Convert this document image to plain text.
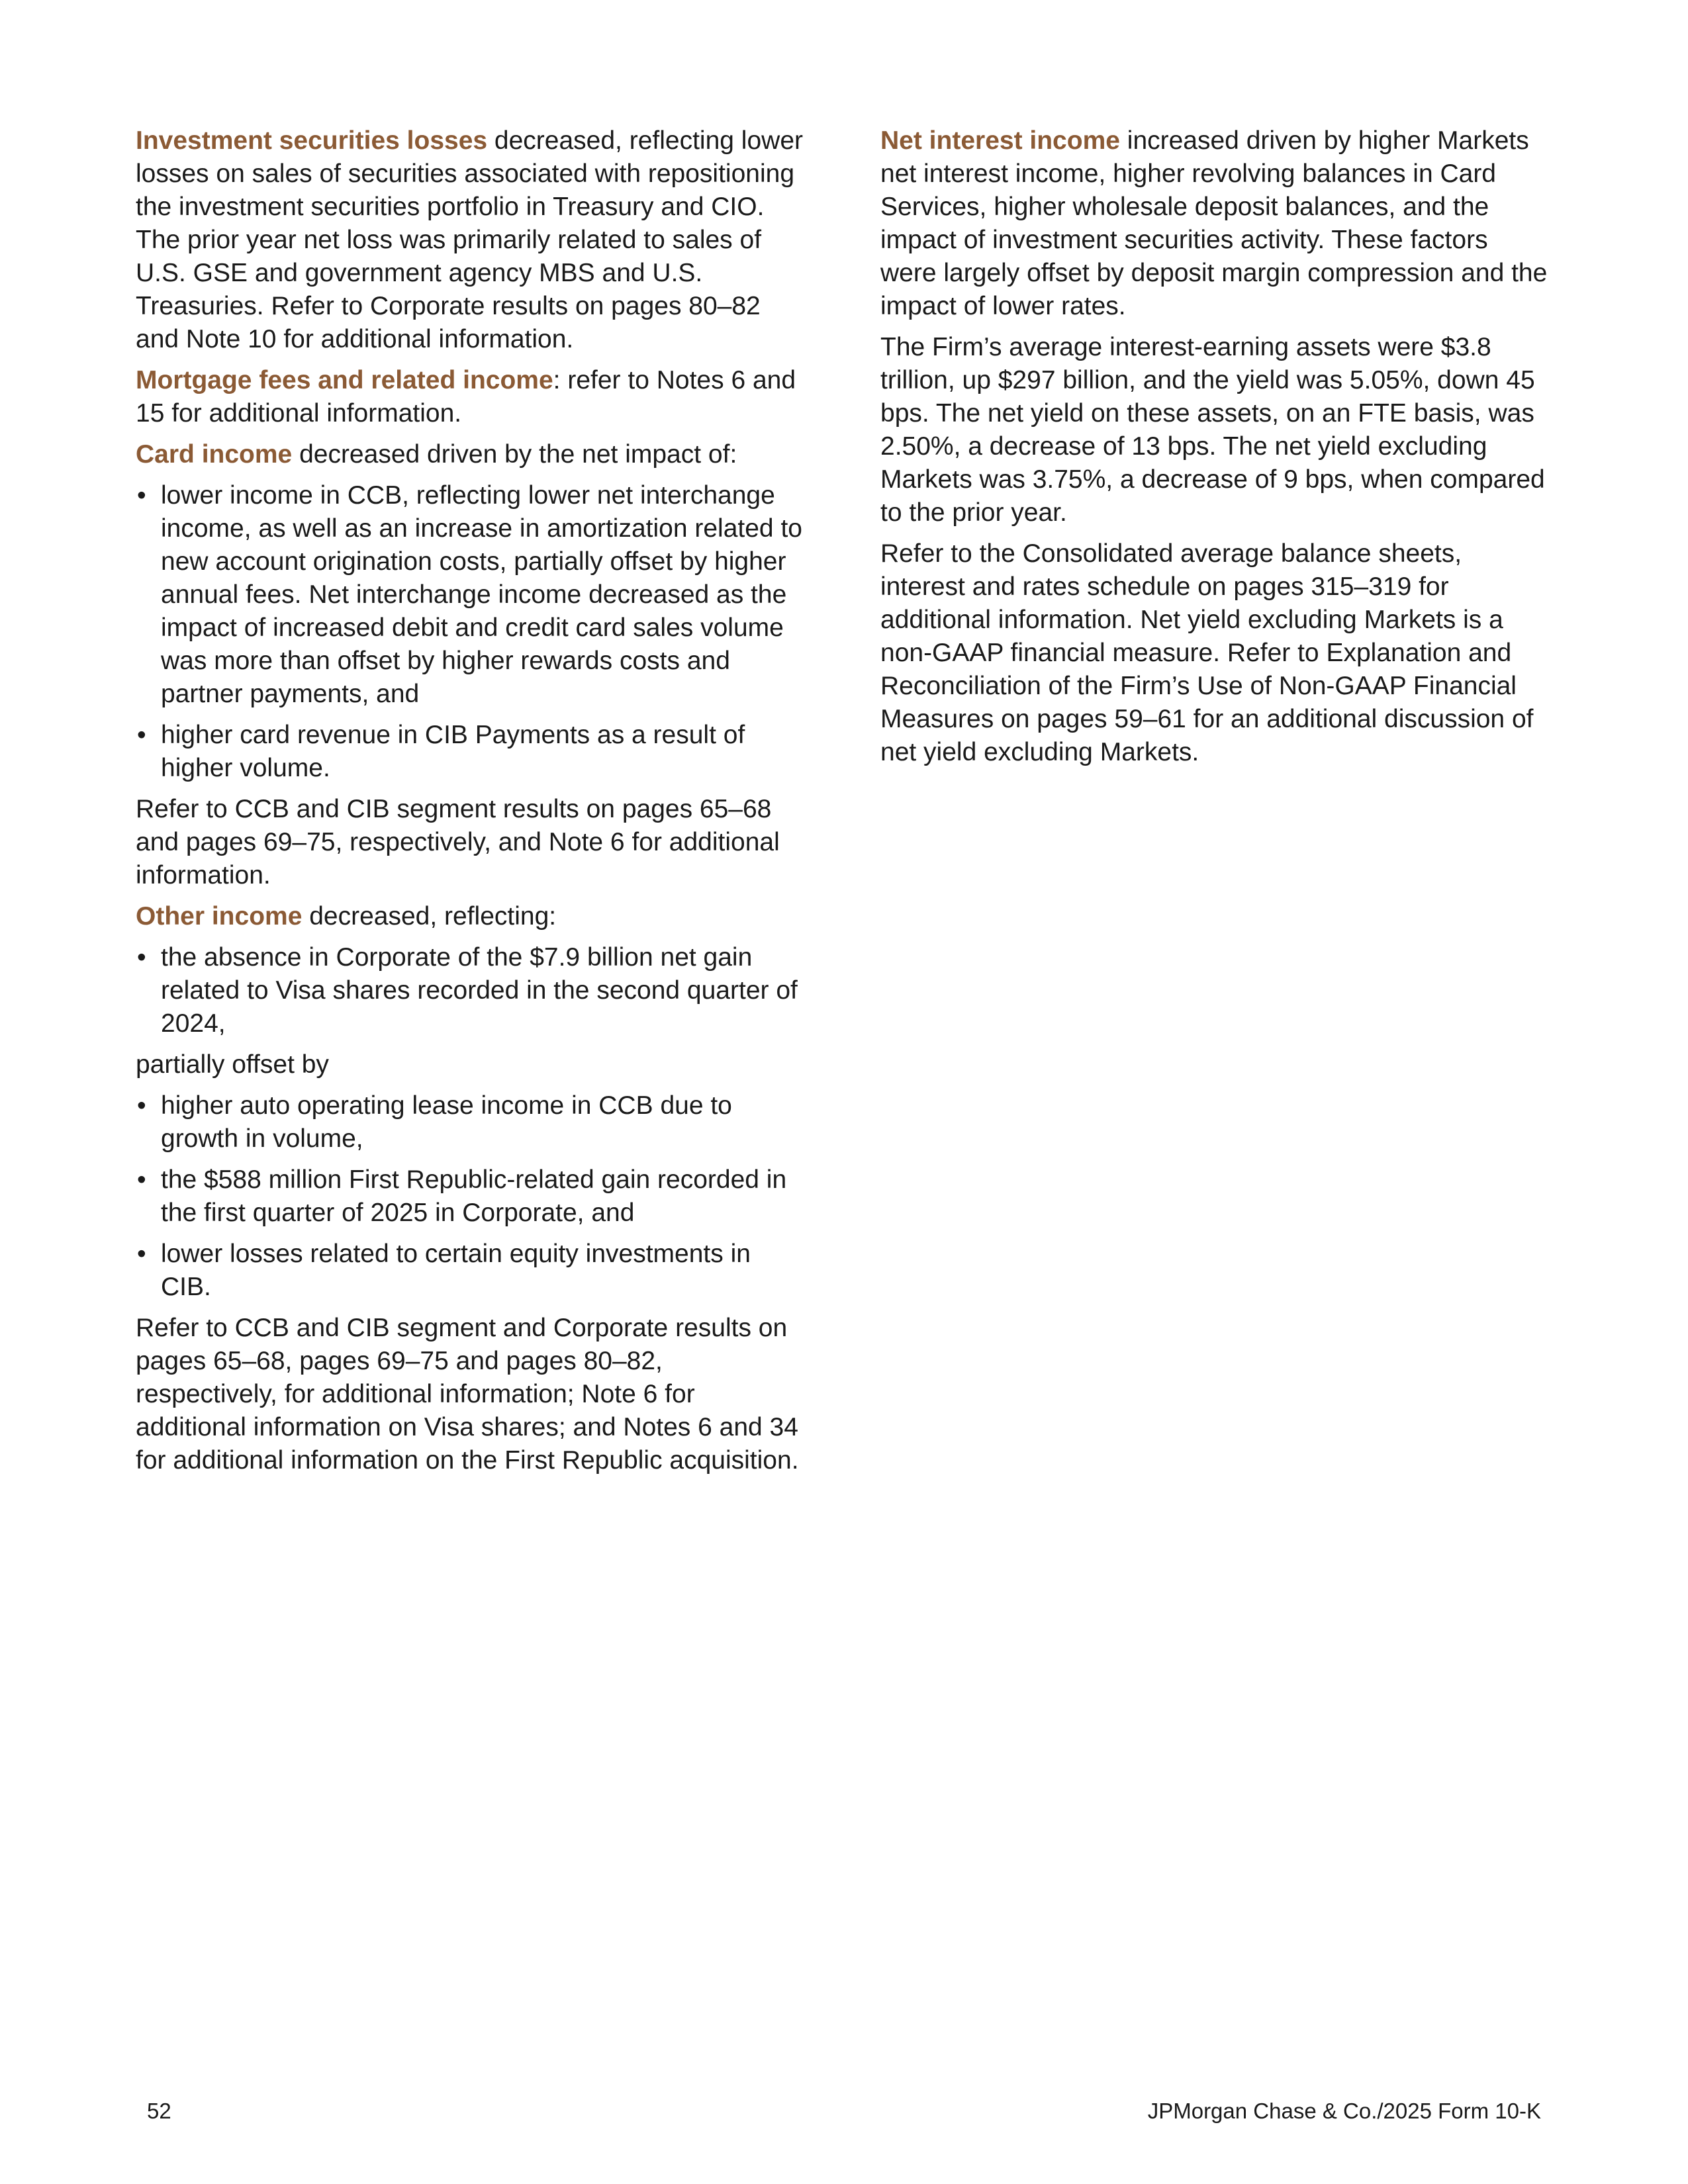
Investment securities losses decreased, reflecting lower losses on sales of securities associated with repositioning the investment securities portfolio in Treasury and CIO. The prior year net loss was primarily related to sales of U.S. GSE and government agency MBS and U.S. Treasuries. Refer to Corporate results on pages 80–82 and Note 10 for additional information.

Mortgage fees and related income: refer to Notes 6 and 15 for additional information.

Card income decreased driven by the net impact of:

• lower income in CCB, reflecting lower net interchange income, as well as an increase in amortization related to new account origination costs, partially offset by higher annual fees. Net interchange income decreased as the impact of increased debit and credit card sales volume was more than offset by higher rewards costs and partner payments, and
• higher card revenue in CIB Payments as a result of higher volume.

Refer to CCB and CIB segment results on pages 65–68 and pages 69–75, respectively, and Note 6 for additional information.

Other income decreased, reflecting:

• the absence in Corporate of the $7.9 billion net gain related to Visa shares recorded in the second quarter of 2024,

partially offset by

• higher auto operating lease income in CCB due to growth in volume,
• the $588 million First Republic-related gain recorded in the first quarter of 2025 in Corporate, and
• lower losses related to certain equity investments in CIB.

Refer to CCB and CIB segment and Corporate results on pages 65–68, pages 69–75 and pages 80–82, respectively, for additional information; Note 6 for additional information on Visa shares; and Notes 6 and 34 for additional information on the First Republic acquisition.

Net interest income increased driven by higher Markets net interest income, higher revolving balances in Card Services, higher wholesale deposit balances, and the impact of investment securities activity. These factors were largely offset by deposit margin compression and the impact of lower rates.

The Firm’s average interest-earning assets were $3.8 trillion, up $297 billion, and the yield was 5.05%, down 45 bps. The net yield on these assets, on an FTE basis, was 2.50%, a decrease of 13 bps. The net yield excluding Markets was 3.75%, a decrease of 9 bps, when compared to the prior year.

Refer to the Consolidated average balance sheets, interest and rates schedule on pages 315–319 for additional information. Net yield excluding Markets is a non-GAAP financial measure. Refer to Explanation and Reconciliation of the Firm’s Use of Non-GAAP Financial Measures on pages 59–61 for an additional discussion of net yield excluding Markets.

52	JPMorgan Chase & Co./2025 Form 10-K
